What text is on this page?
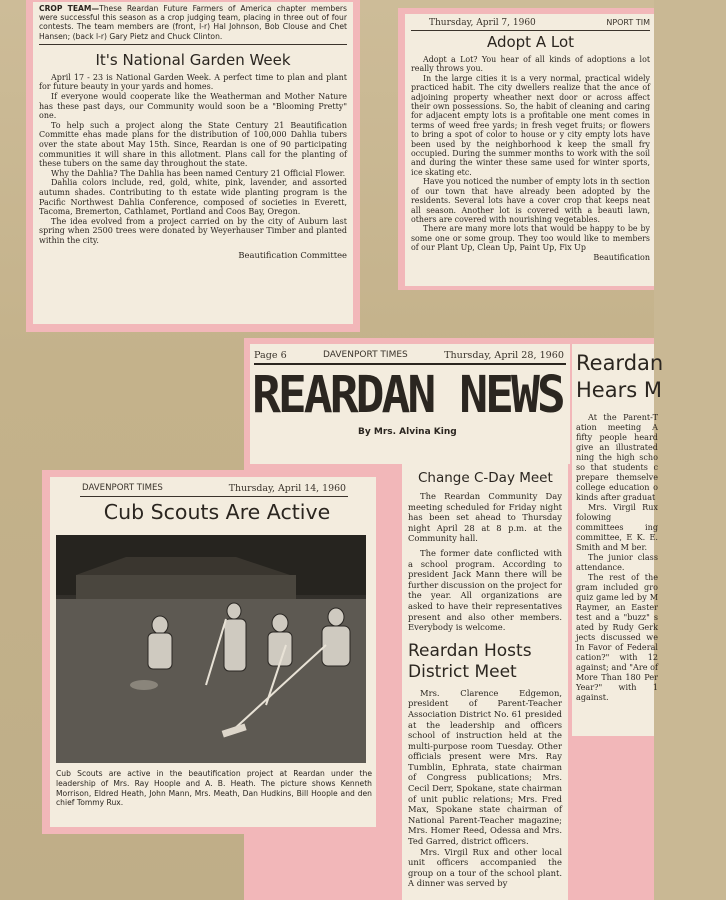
CROP TEAM—These Reardan Future Farmers of America chapter members were successful this season as a crop judging team, placing in three out of four contests. The team members are (front, l-r) Hal Johnson, Bob Clouse and Chet Hansen; (back l-r) Gary Pietz and Chuck Clinton.
It's National Garden Week

April 17 - 23 is National Garden Week. A perfect time to plan and plant for future beauty in your yards and homes.

If everyone would cooperate like the Weatherman and Mother Nature has these past days, our Community would soon be a "Blooming Pretty" one.

To help such a project along the State Century 21 Beautification Committe ehas made plans for the distribution of 100,000 Dahlia tubers over the state about May 15th. Since, Reardan is one of 90 participating communities it will share in this allotment. Plans call for the planting of these tubers on the same day throughout the state.

Why the Dahlia? The Dahlia has been named Century 21 Official Flower.

Dahlia colors include, red, gold, white, pink, lavender, and assorted autumn shades. Contributing to th estate wide planting program is the Pacific Northwest Dahlia Conference, composed of societies in Everett, Tacoma, Bremerton, Cathlamet, Portland and Coos Bay, Oregon.

The idea evolved from a project carried on by the city of Auburn last spring when 2500 trees were donated by Weyerhauser Timber and planted within the city.

Beautification Committee
Thursday, April 7, 1960	NPORT TIM
Adopt A Lot

Adopt a Lot? You hear of all kinds of adoptions a lot really throws you.

In the large cities it is a very normal, practical widely practiced habit. The city dwellers realize that the ance of adjoining property wheather next door or across affect their own possessions. So, the habit of cleaning and caring for adjacent empty lots is a profitable one ment comes in terms of weed free yards; in fresh veget fruits; or flowers to bring a spot of color to house or y city empty lots have been used by the neighborhood k keep the small fry occupied. During the summer months to work with the soil and during the winter these same used for winter sports, ice skating etc.

Have you noticed the number of empty lots in th section of our town that have already been adopted by the residents. Several lots have a cover crop that keeps neat all season. Another lot is covered with a beauti lawn, others are covered with nourishing vegetables.

There are many more lots that would be happy to be by some one or some group. They too would like to members of our Plant Up, Clean Up, Paint Up, Fix Up

Beautification
Page 6	DAVENPORT TIMES	Thursday, April 28, 1960
REARDAN NEWS
By Mrs. Alvina King
Reardan Hears M

At the Parent-T ation meeting A fifty people heard give an illustrated ning the high scho so that students c prepare themselve college education o kinds after graduat

Mrs. Virgil Rux folowing committees ing committee, E K. E. Smith and M ber.

The junior class attendance.

The rest of the gram included gro quiz game led by M Raymer, an Easter test and a "buzz" s ated by Rudy Gerk jects discussed we In Favor of Federal cation?" with 12 against; and "Are of More Than 180 Per Year?" with 1 against.

Change C-Day Meet

The Reardan Community Day meeting scheduled for Friday night has been set ahead to Thursday night April 28 at 8 p.m. at the Community hall.

The former date conflicted with a school program. According to president Jack Mann there will be further discussion on the project for the year. All organizations are asked to have their representatives present and also other members. Everybody is welcome.

Reardan Hosts District Meet

Mrs. Clarence Edgemon, president of Parent-Teacher Association District No. 61 presided at the leadership and officers school of instruction held at the multi-purpose room Tuesday. Other officials present were Mrs. Ray Tumblin, Ephrata, state chairman of Congress publications; Mrs. Cecil Derr, Spokane, state chairman of unit public relations; Mrs. Fred Max, Spokane state chairman of National Parent-Teacher magazine; Mrs. Homer Reed, Odessa and Mrs. Ted Garred, district officers.

Mrs. Virgil Rux and other local unit officers accompanied the group on a tour of the school plant. A dinner was served by

DAVENPORT TIMES	Thursday, April 14, 1960
Cub Scouts Are Active
Cub Scouts are active in the beautification project at Reardan under the leadership of Mrs. Ray Hoople and A. B. Heath. The picture shows Kenneth Morrison, Eldred Heath, John Mann, Mrs. Meath, Dan Hudkins, Bill Hoople and den chief Tommy Rux.
